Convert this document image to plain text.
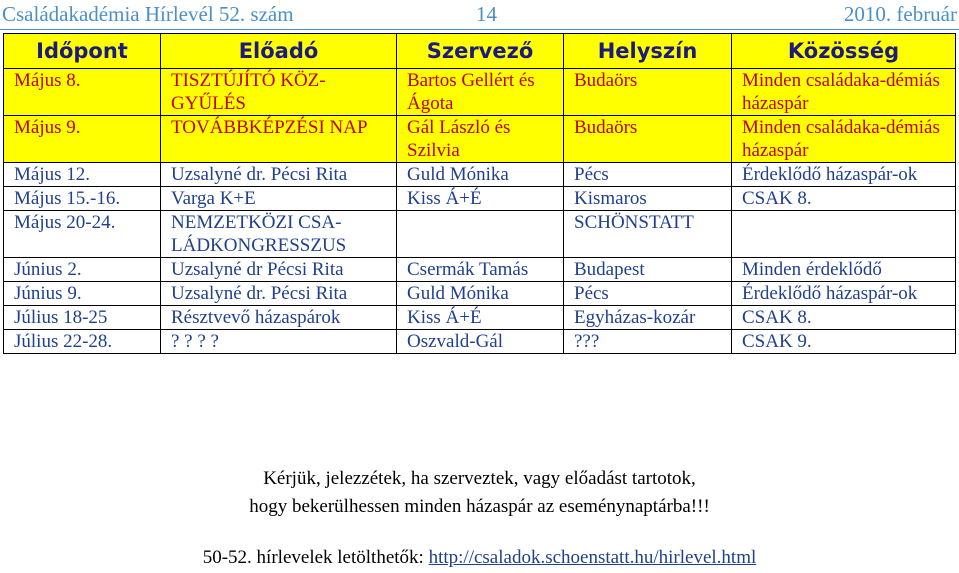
Családakadémia Hírlevél 52. szám	14	2010. február
Időpont	Előadó	Szervező	Helyszín	Közösség
Május 8.	TISZTÚJÍTÓ KÖZ-GYŰLÉS	Bartos Gellért és Ágota	Budaörs	Minden családaka-démiás házaspár
Május 9.	TOVÁBBKÉPZÉSI NAP	Gál László és Szilvia	Budaörs	Minden családaka-démiás házaspár
Május 12.	Uzsalyné dr. Pécsi Rita	Guld Mónika	Pécs	Érdeklődő házaspár-ok
Május 15.-16.	Varga K+E	Kiss Á+É	Kismaros	CSAK 8.
Május 20-24.	NEMZETKÖZI CSA-LÁDKONGRESSZUS		SCHÖNSTATT	
Június 2.	Uzsalyné dr Pécsi Rita	Csermák Tamás	Budapest	Minden érdeklődő
Június 9.	Uzsalyné dr. Pécsi Rita	Guld Mónika	Pécs	Érdeklődő házaspár-ok
Július 18-25	Résztvevő házaspárok	Kiss Á+É	Egyházas-kozár	CSAK 8.
Július 22-28.	? ? ? ?	Oszvald-Gál	???	CSAK 9.
Kérjük, jelezzétek, ha szerveztek, vagy előadást tartotok,
hogy bekerülhessen minden házaspár az eseménynaptárba!!!
50-52. hírlevelek letölthetők: http://csaladok.schoenstatt.hu/hirlevel.html
